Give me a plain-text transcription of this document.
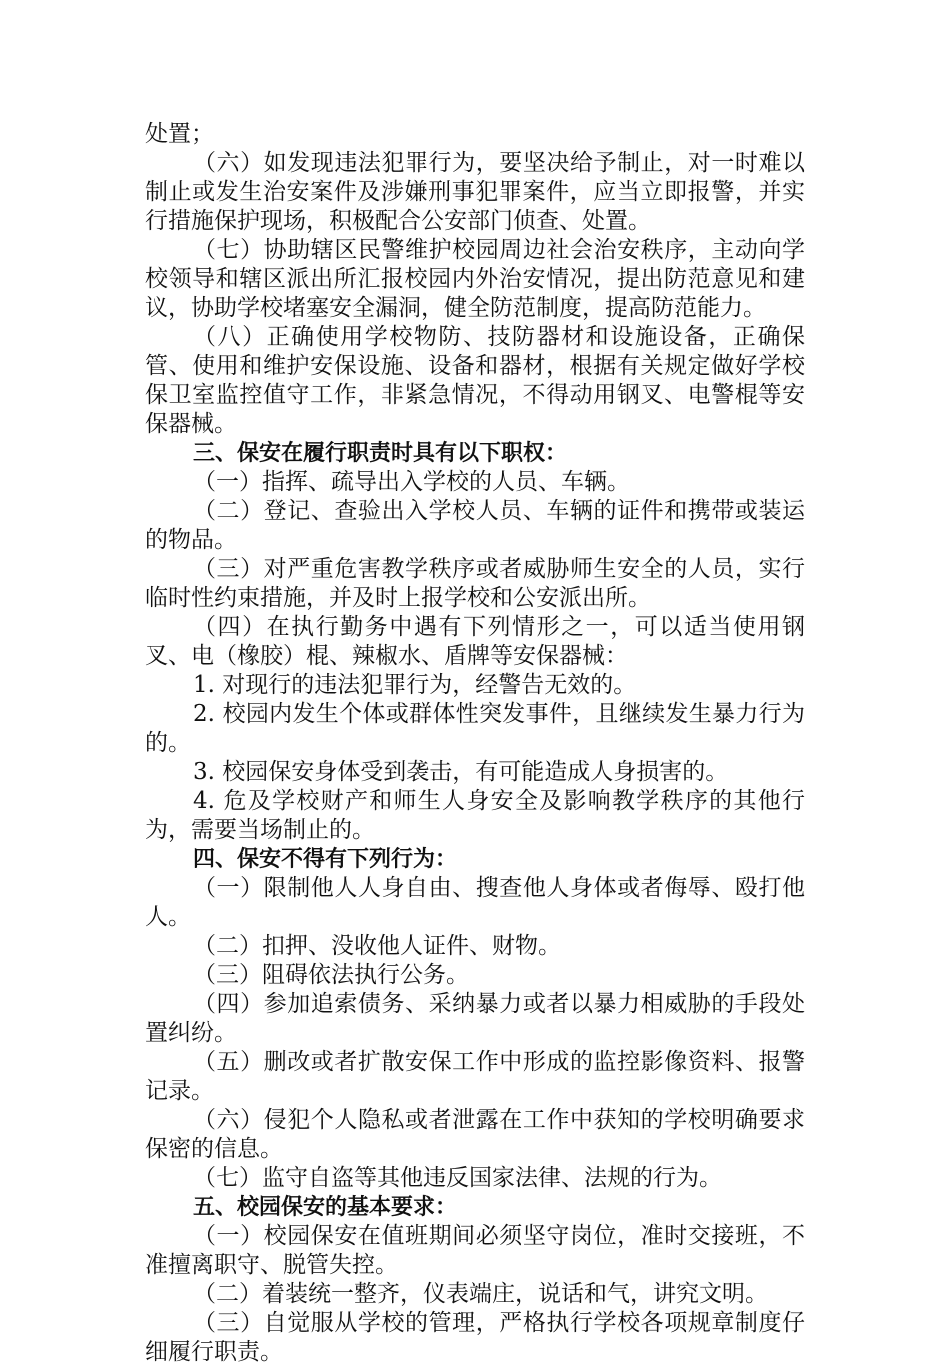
处置；

（六）如发现违法犯罪行为，要坚决给予制止，对一时难以制止或发生治安案件及涉嫌刑事犯罪案件，应当立即报警，并实行措施保护现场，积极配合公安部门侦查、处置。

（七）协助辖区民警维护校园周边社会治安秩序，主动向学校领导和辖区派出所汇报校园内外治安情况，提出防范意见和建议，协助学校堵塞安全漏洞，健全防范制度，提高防范能力。

（八）正确使用学校物防、技防器材和设施设备，正确保管、使用和维护安保设施、设备和器材，根据有关规定做好学校保卫室监控值守工作，非紧急情况，不得动用钢叉、电警棍等安保器械。

三、保安在履行职责时具有以下职权：

（一）指挥、疏导出入学校的人员、车辆。

（二）登记、查验出入学校人员、车辆的证件和携带或装运的物品。

（三）对严重危害教学秩序或者威胁师生安全的人员，实行临时性约束措施，并及时上报学校和公安派出所。

（四）在执行勤务中遇有下列情形之一，可以适当使用钢叉、电（橡胶）棍、辣椒水、盾牌等安保器械：

1. 对现行的违法犯罪行为，经警告无效的。

2. 校园内发生个体或群体性突发事件，且继续发生暴力行为的。

3. 校园保安身体受到袭击，有可能造成人身损害的。

4. 危及学校财产和师生人身安全及影响教学秩序的其他行为，需要当场制止的。

四、保安不得有下列行为：

（一）限制他人人身自由、搜查他人身体或者侮辱、殴打他人。

（二）扣押、没收他人证件、财物。

（三）阻碍依法执行公务。

（四）参加追索债务、采纳暴力或者以暴力相威胁的手段处置纠纷。

（五）删改或者扩散安保工作中形成的监控影像资料、报警记录。

（六）侵犯个人隐私或者泄露在工作中获知的学校明确要求保密的信息。

（七）监守自盗等其他违反国家法律、法规的行为。

五、校园保安的基本要求：

（一）校园保安在值班期间必须坚守岗位，准时交接班，不准擅离职守、脱管失控。

（二）着装统一整齐，仪表端庄，说话和气，讲究文明。

（三）自觉服从学校的管理，严格执行学校各项规章制度仔细履行职责。
